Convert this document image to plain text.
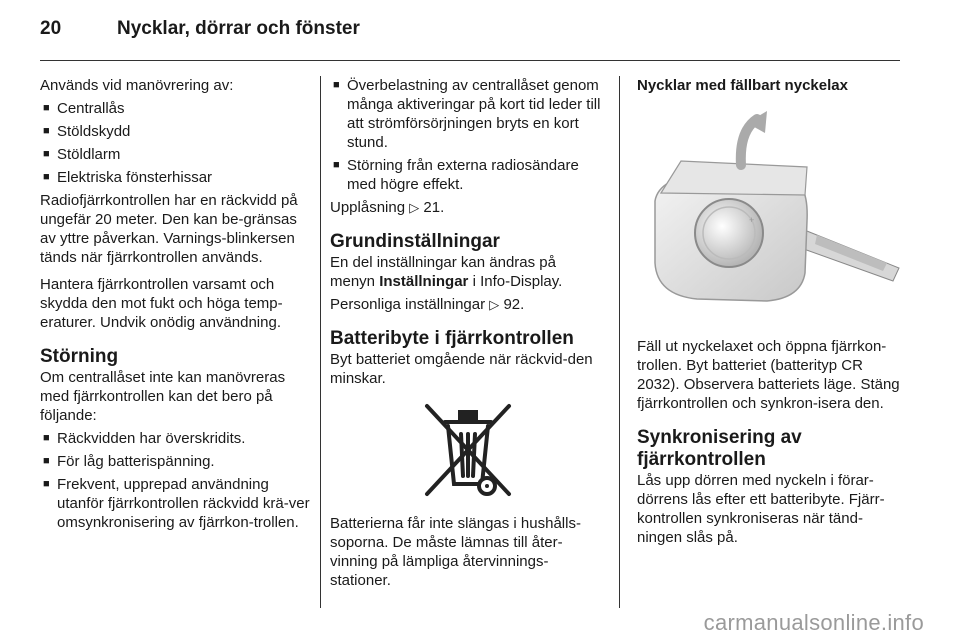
20	Nycklar, dörrar och fönster

Används vid manövrering av:

■ Centrallås
■ Stöldskydd
■ Stöldlarm
■ Elektriska fönsterhissar

Radiofjärrkontrollen har en räckvidd på ungefär 20 meter. Den kan be-gränsas av yttre påverkan. Varnings-blinkersen tänds när fjärrkontrollen används.

Hantera fjärrkontrollen varsamt och skydda den mot fukt och höga temp-eraturer. Undvik onödig användning.

Störning

Om centrallåset inte kan manövreras med fjärrkontrollen kan det bero på följande:

■ Räckvidden har överskridits.
■ För låg batterispänning.
■ Frekvent, upprepad användning utanför fjärrkontrollen räckvidd krä-ver omsynkronisering av fjärrkon-trollen.
■ Överbelastning av centrallåset genom många aktiveringar på kort tid leder till att strömförsörjningen bryts en kort stund.
■ Störning från externa radiosändare med högre effekt.

Upplåsning ▷ 21.

Grundinställningar

En del inställningar kan ändras på menyn Inställningar i Info-Display.

Personliga inställningar ▷ 92.

Batteribyte i fjärrkontrollen

Byt batteriet omgående när räckvid-den minskar.

Batterierna får inte slängas i hushålls-soporna. De måste lämnas till åter-vinning på lämpliga återvinnings-stationer.

Nycklar med fällbart nyckelax
+

Fäll ut nyckelaxet och öppna fjärrkon-trollen. Byt batteriet (batterityp CR 2032). Observera batteriets läge. Stäng fjärrkontrollen och synkron-isera den.

Synkronisering av fjärrkontrollen

Lås upp dörren med nyckeln i förar-dörrens lås efter ett batteribyte. Fjärr-kontrollen synkroniseras när tänd-ningen slås på.

carmanualsonline.info
